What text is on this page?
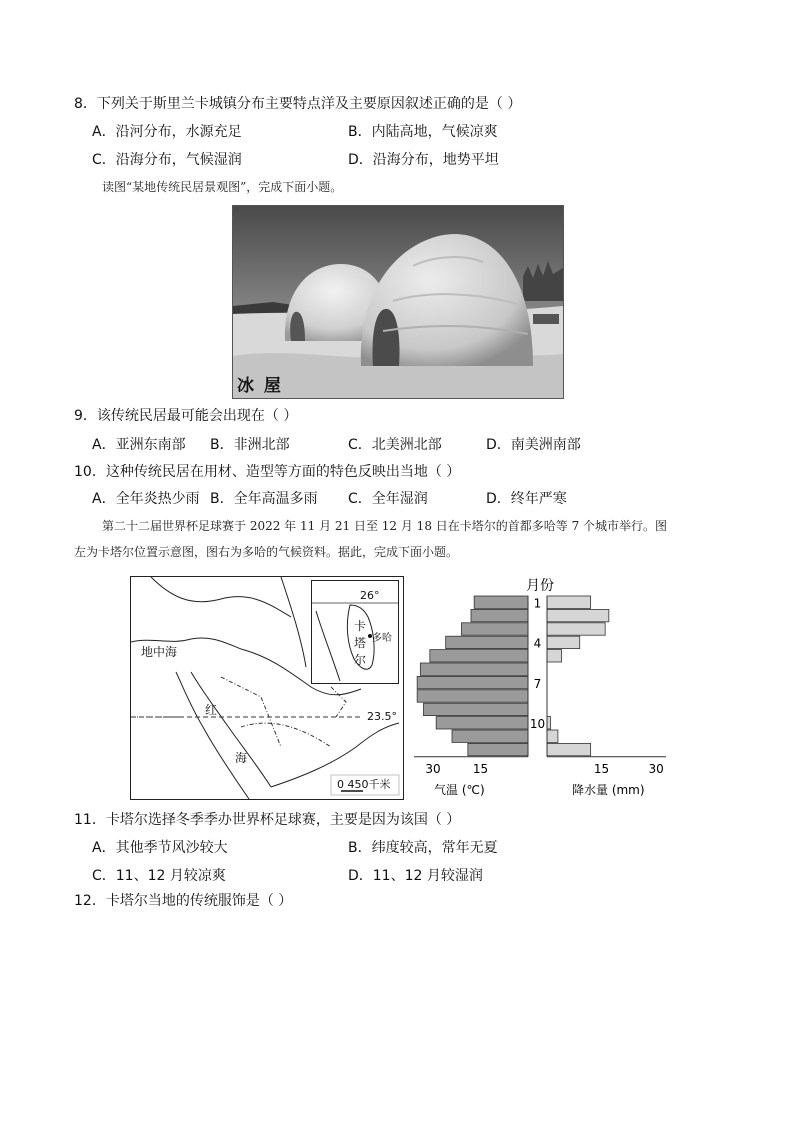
8．下列关于斯里兰卡城镇分布主要特点洋及主要原因叙述正确的是（ ）
A．沿河分布，水源充足	B．内陆高地，气候凉爽
C．沿海分布，气候湿润	D．沿海分布，地势平坦
读图“某地传统民居景观图”，完成下面小题。
冰 屋
9．该传统民居最可能会出现在（ ）
A．亚洲东南部 B．非洲北部	C．北美洲北部	D．南美洲南部
10．这种传统民居在用材、造型等方面的特色反映出当地（ ）
A．全年炎热少雨 B．全年高温多雨 C．全年湿润	D．终年严寒
第二十二届世界杯足球赛于 2022 年 11 月 21 日至 12 月 18 日在卡塔尔的首都多哈等 7 个城市举行。图
左为卡塔尔位置示意图，图右为多哈的气候资料。据此，完成下面小题。
地中海
红
海
23.5°
0 450千米
26°
卡
塔
尔
多哈
月份
1
4
7
10
30	15	15	30
气温 (℃)	降水量 (mm)
11．卡塔尔选择冬季季办世界杯足球赛，主要是因为该国（ ）
A．其他季节风沙较大	B．纬度较高，常年无夏
C．11、12 月较凉爽	D．11、12 月较湿润
12．卡塔尔当地的传统服饰是（ ）
